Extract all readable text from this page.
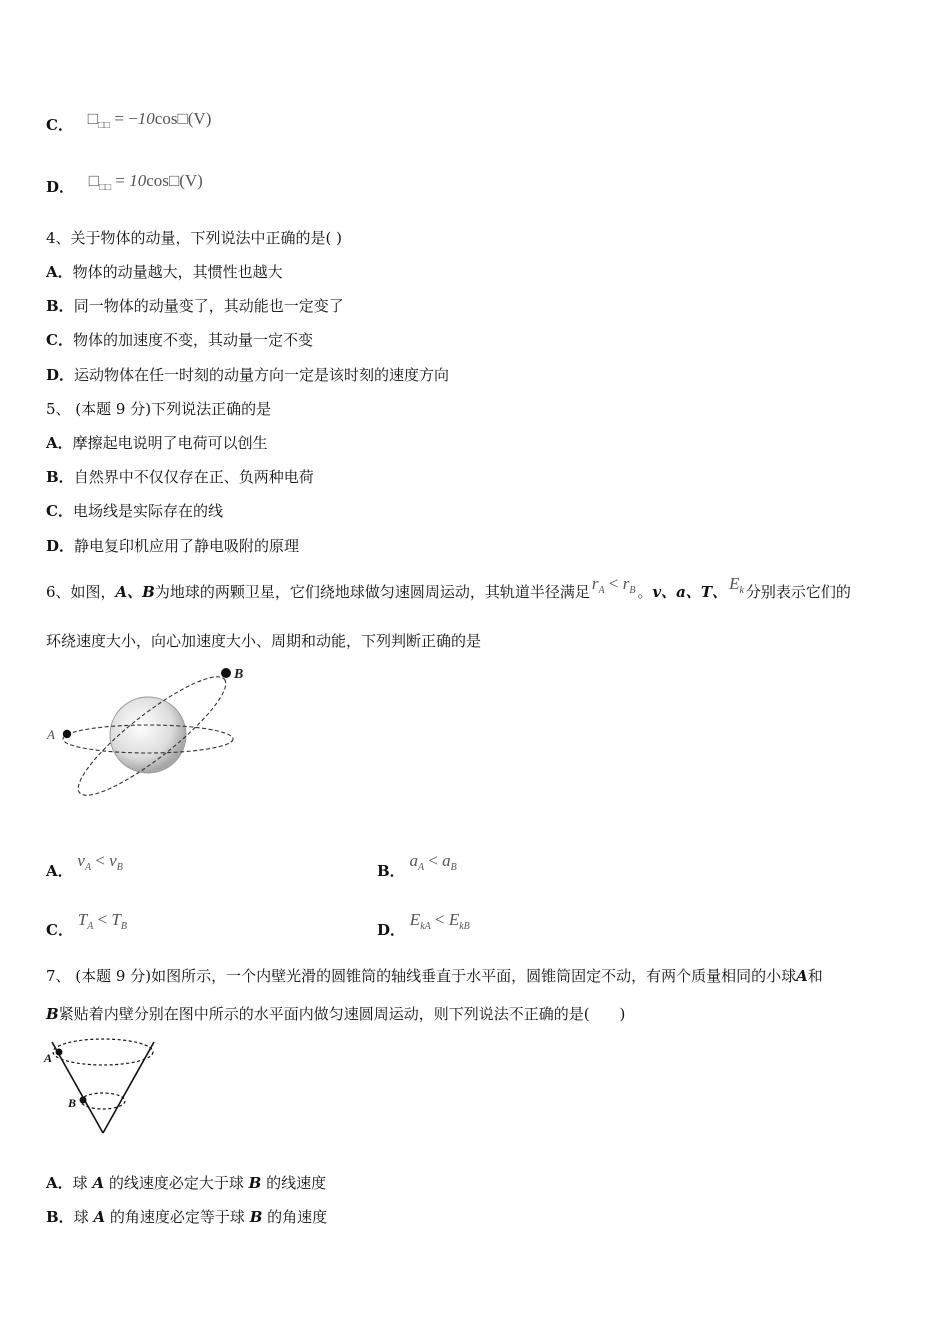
C． $□_{□□}$ = −10cos□(V)
D． $□_{□□}$ = 10cos□(V)
4、关于物体的动量，下列说法中正确的是( )
A．物体的动量越大，其惯性也越大
B．同一物体的动量变了，其动能也一定变了
C．物体的加速度不变，其动量一定不变
D．运动物体在任一时刻的动量方向一定是该时刻的速度方向
5、 (本题 9 分)下列说法正确的是
A．摩擦起电说明了电荷可以创生
B．自然界中不仅仅存在正、负两种电荷
C．电场线是实际存在的线
D．静电复印机应用了静电吸附的原理
6、如图，A、B为地球的两颗卫星，它们绕地球做匀速圆周运动，其轨道半径满足 $r_A < r_B$ 。v、a、T、 $E_k$ 分别表示它们的
环绕速度大小，向心加速度大小、周期和动能，下列判断正确的是
A
B
A． $v_A < v_B$	B． $a_A < a_B$
C． $T_A < T_B$	D． $E_{kA} < E_{kB}$
7、 (本题 9 分)如图所示，一个内壁光滑的圆锥筒的轴线垂直于水平面，圆锥筒固定不动，有两个质量相同的小球A和
B紧贴着内壁分别在图中所示的水平面内做匀速圆周运动，则下列说法不正确的是(　　)
A
B
A．球 A 的线速度必定大于球 B 的线速度
B．球 A 的角速度必定等于球 B 的角速度
